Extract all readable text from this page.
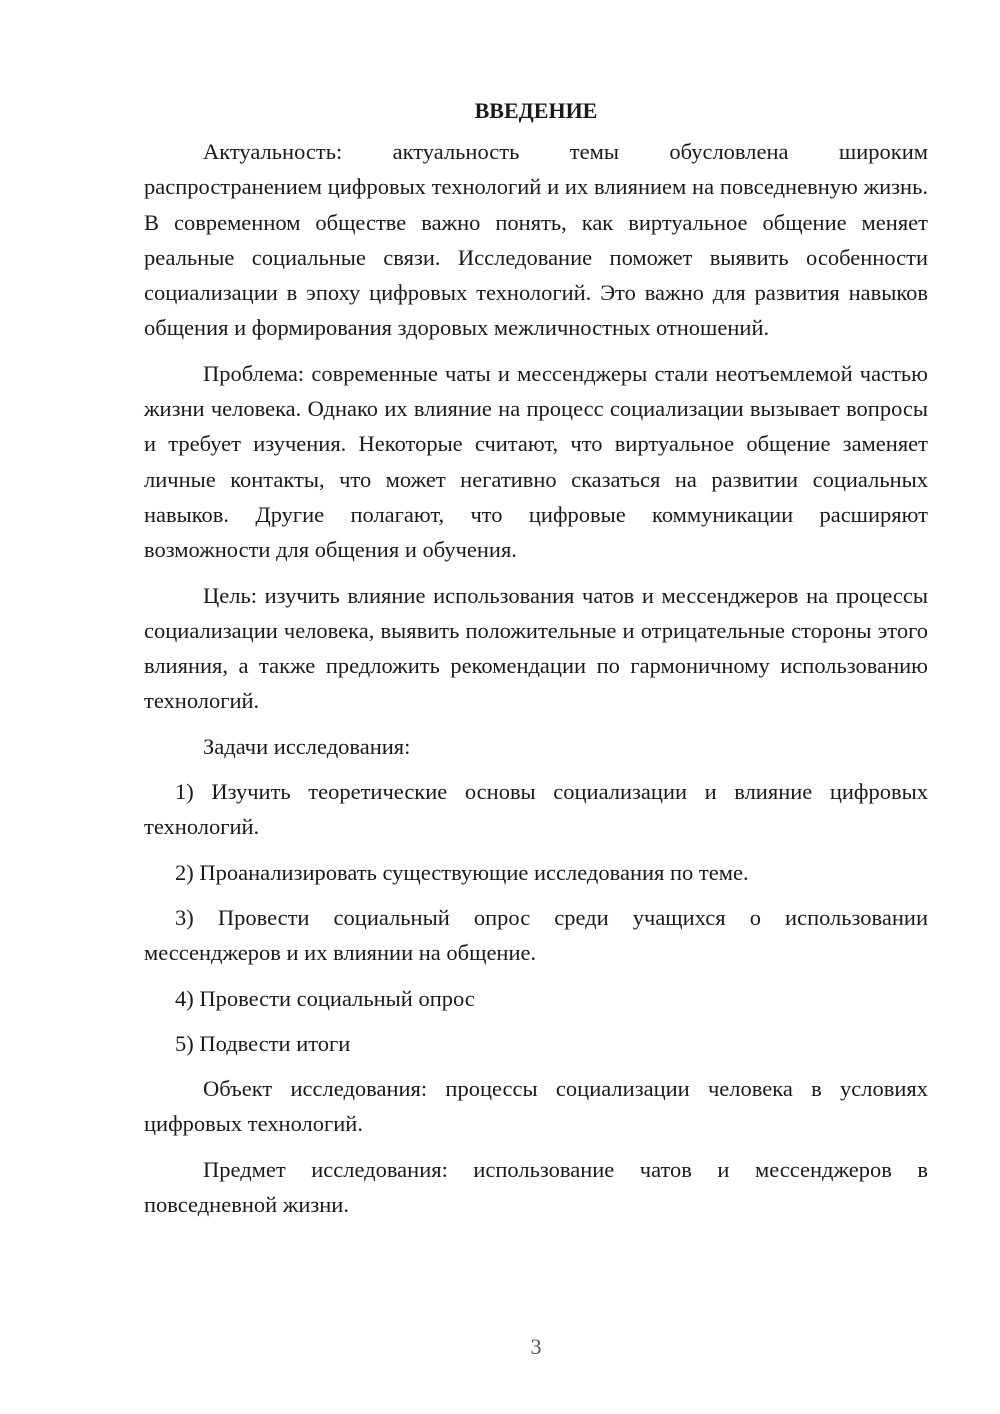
ВВЕДЕНИЕ

Актуальность: актуальность темы обусловлена широким распространением цифровых технологий и их влиянием на повседневную жизнь. В современном обществе важно понять, как виртуальное общение меняет реальные социальные связи. Исследование поможет выявить особенности социализации в эпоху цифровых технологий. Это важно для развития навыков общения и формирования здоровых межличностных отношений.

Проблема: современные чаты и мессенджеры стали неотъемлемой частью жизни человека. Однако их влияние на процесс социализации вызывает вопросы и требует изучения. Некоторые считают, что виртуальное общение заменяет личные контакты, что может негативно сказаться на развитии социальных навыков. Другие полагают, что цифровые коммуникации расширяют возможности для общения и обучения.

Цель: изучить влияние использования чатов и мессенджеров на процессы социализации человека, выявить положительные и отрицательные стороны этого влияния, а также предложить рекомендации по гармоничному использованию технологий.

Задачи исследования:

1) Изучить теоретические основы социализации и влияние цифровых технологий.

2) Проанализировать существующие исследования по теме.

3) Провести социальный опрос среди учащихся о использовании мессенджеров и их влиянии на общение.

4) Провести социальный опрос

5) Подвести итоги

Объект исследования: процессы социализации человека в условиях цифровых технологий.

Предмет исследования: использование чатов и мессенджеров в повседневной жизни.

3
